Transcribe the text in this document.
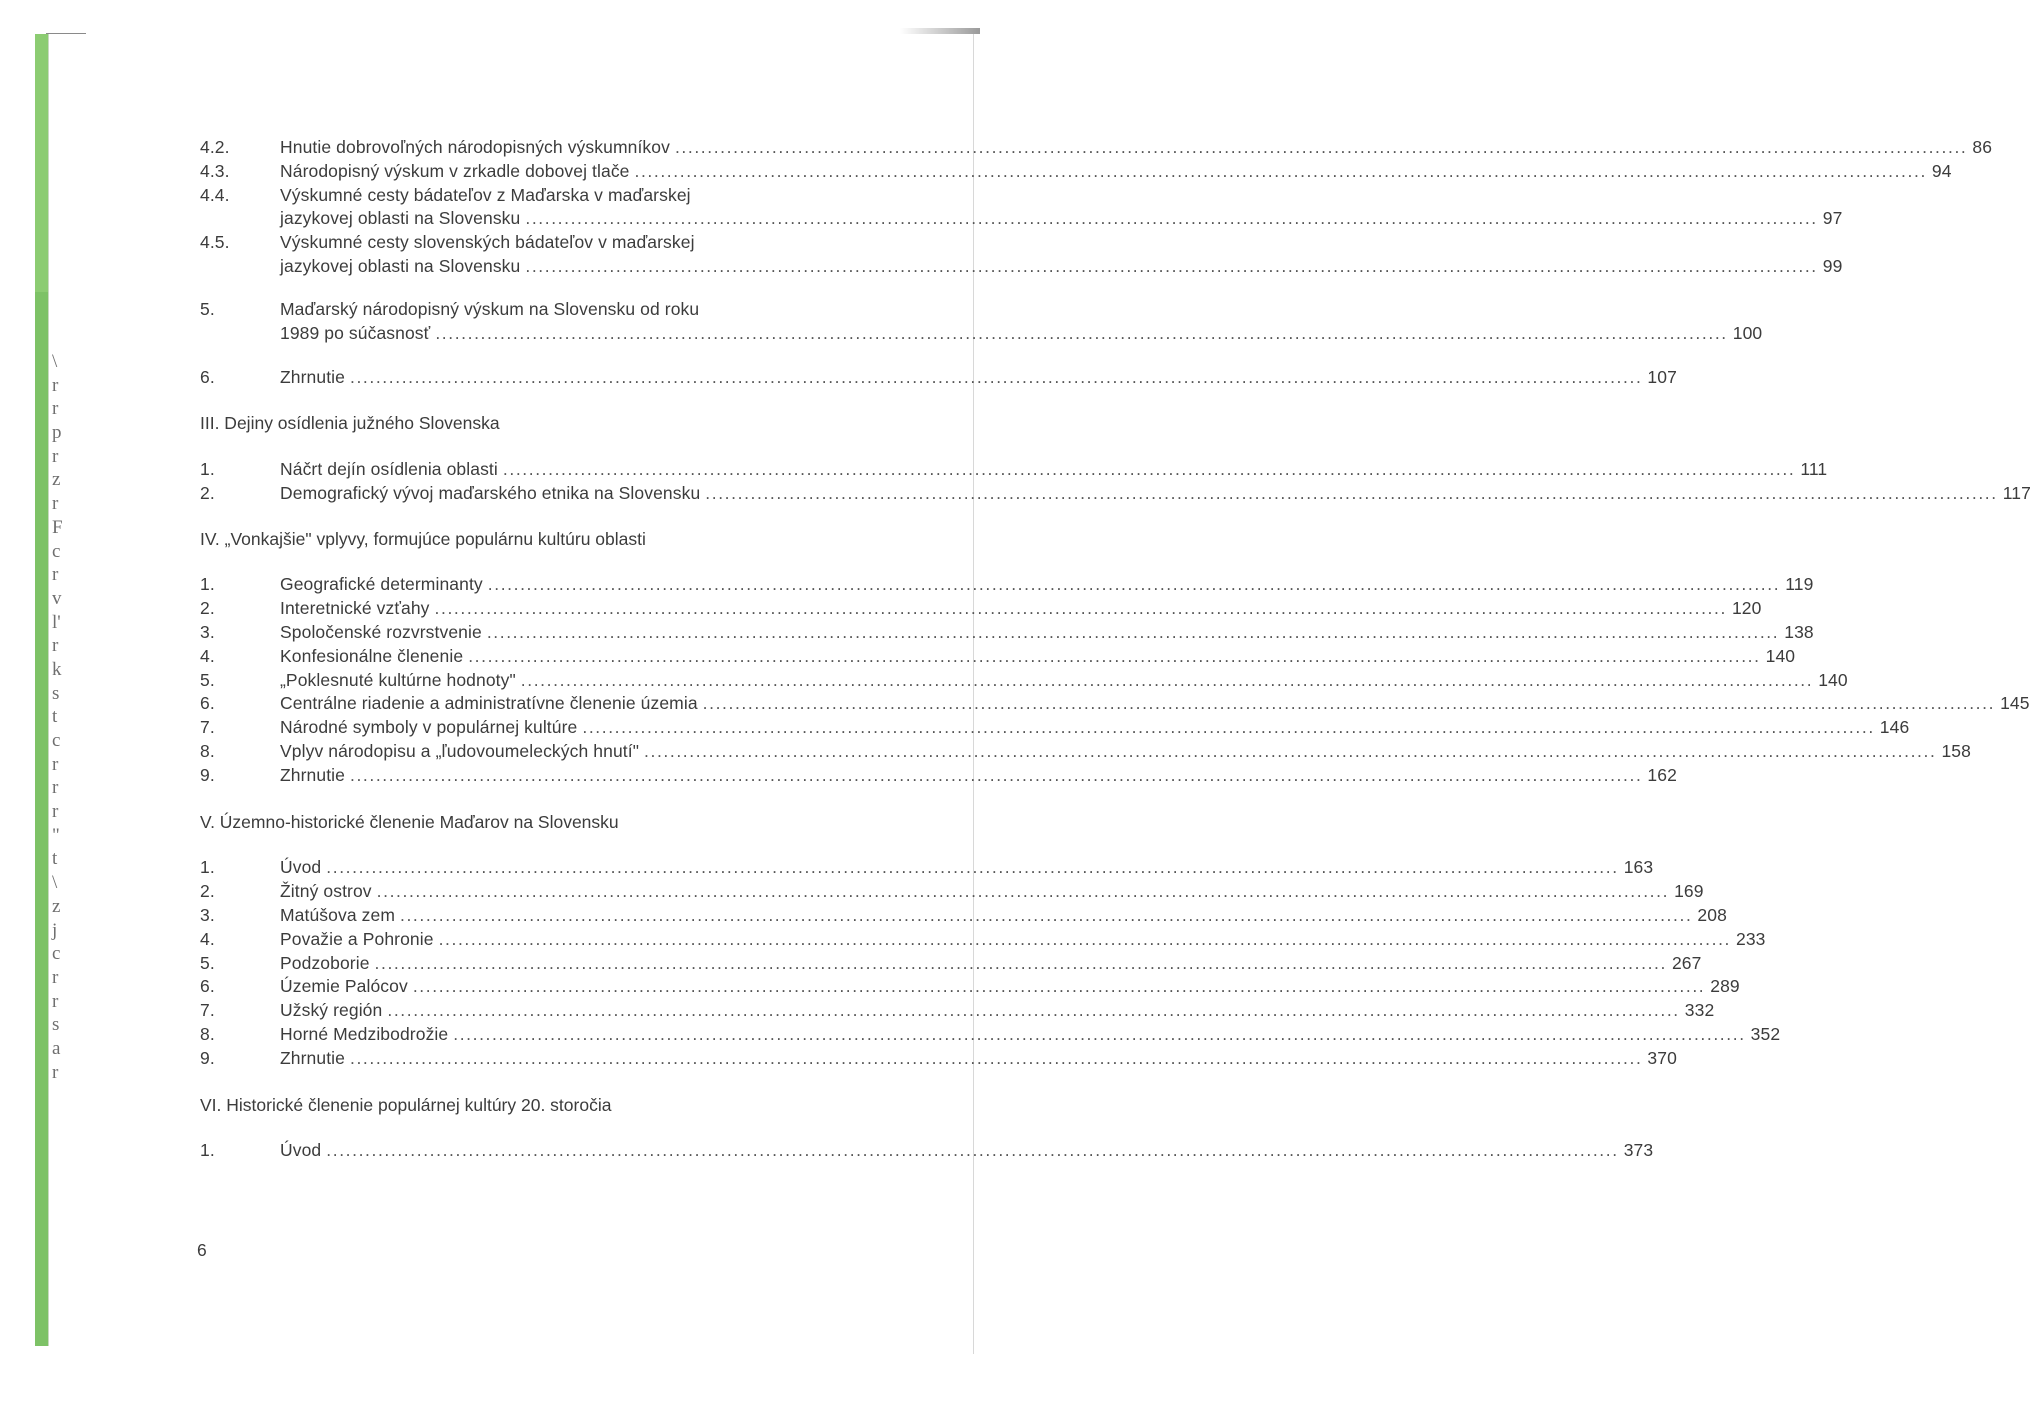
\
r
r
p
r
z
r
F
c
r
v
l'
r
k
s
t
c
r
r
r
"
t
\
z
j
c
r
r
s
a
r
4.2.	Hnutie dobrovoľných národopisných výskumníkov ........................................................................................................................................................................................................ 86
4.3.	Národopisný výskum v zrkadle dobovej tlače ........................................................................................................................................................................................................ 94
4.4.	Výskumné cesty bádateľov z Maďarska v maďarskej
jazykovej oblasti na Slovensku ........................................................................................................................................................................................................ 97
4.5.	Výskumné cesty slovenských bádateľov v maďarskej
jazykovej oblasti na Slovensku ........................................................................................................................................................................................................ 99
5.	Maďarský národopisný výskum na Slovensku od roku
1989 po súčasnosť ........................................................................................................................................................................................................ 100
6.	Zhrnutie ........................................................................................................................................................................................................ 107
III. Dejiny osídlenia južného Slovenska
1.	Náčrt dejín osídlenia oblasti ........................................................................................................................................................................................................ 111
2.	Demografický vývoj maďarského etnika na Slovensku ........................................................................................................................................................................................................ 117
IV. „Vonkajšie" vplyvy, formujúce populárnu kultúru oblasti
1.	Geografické determinanty ........................................................................................................................................................................................................ 119
2.	Interetnické vzťahy ........................................................................................................................................................................................................ 120
3.	Spoločenské rozvrstvenie ........................................................................................................................................................................................................ 138
4.	Konfesionálne členenie ........................................................................................................................................................................................................ 140
5.	„Poklesnuté kultúrne hodnoty" ........................................................................................................................................................................................................ 140
6.	Centrálne riadenie a administratívne členenie územia ........................................................................................................................................................................................................ 145
7.	Národné symboly v populárnej kultúre ........................................................................................................................................................................................................ 146
8.	Vplyv národopisu a „ľudovoumeleckých hnutí" ........................................................................................................................................................................................................ 158
9.	Zhrnutie ........................................................................................................................................................................................................ 162
V. Územno-historické členenie Maďarov na Slovensku
1.	Úvod ........................................................................................................................................................................................................ 163
2.	Žitný ostrov ........................................................................................................................................................................................................ 169
3.	Matúšova zem ........................................................................................................................................................................................................ 208
4.	Považie a Pohronie ........................................................................................................................................................................................................ 233
5.	Podzoborie ........................................................................................................................................................................................................ 267
6.	Územie Palócov ........................................................................................................................................................................................................ 289
7.	Užský región ........................................................................................................................................................................................................ 332
8.	Horné Medzibodrožie ........................................................................................................................................................................................................ 352
9.	Zhrnutie ........................................................................................................................................................................................................ 370
VI. Historické členenie populárnej kultúry 20. storočia
1.	Úvod ........................................................................................................................................................................................................ 373
6
